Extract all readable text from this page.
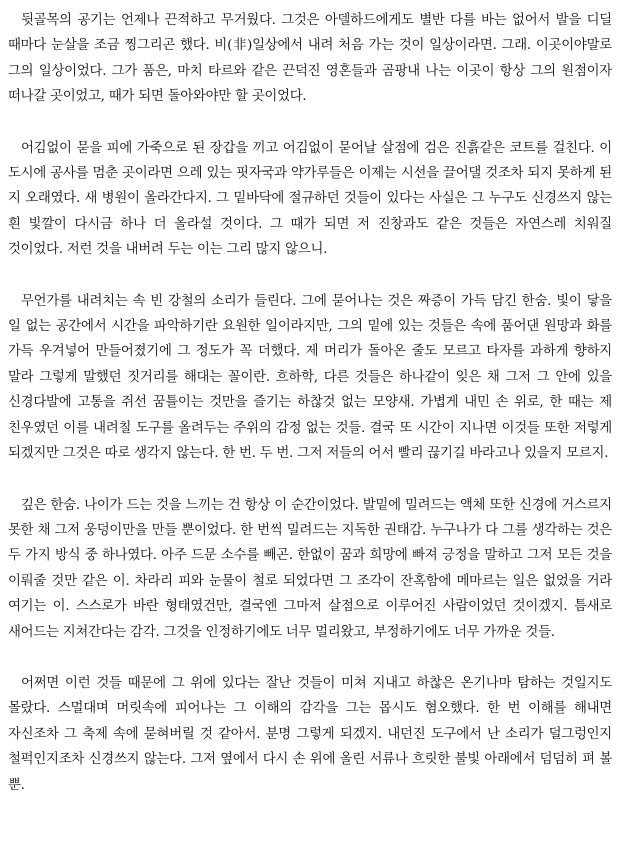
뒷골목의 공기는 언제나 끈적하고 무거웠다. 그것은 아델하드에게도 별반 다를 바는 없어서 발을 디딜 때마다 눈살을 조금 찡그리곤 했다. 비(非)일상에서 내려 처음 가는 것이 일상이라면. 그래. 이곳이야말로 그의 일상이었다. 그가 품은, 마치 타르와 같은 끈덕진 영혼들과 곰팡내 나는 이곳이 항상 그의 원점이자 떠나갈 곳이었고, 때가 되면 돌아와야만 할 곳이었다.

어김없이 묻을 피에 가죽으로 된 장갑을 끼고 어김없이 묻어날 살점에 검은 진흙같은 코트를 걸친다. 이 도시에 공사를 멈춘 곳이라면 으레 있는 핏자국과 약가루들은 이제는 시선을 끌어댈 것조차 되지 못하게 된 지 오래였다. 새 병원이 올라간다지. 그 밑바닥에 절규하던 것들이 있다는 사실은 그 누구도 신경쓰지 않는 흰 빛깔이 다시금 하나 더 올라설 것이다. 그 때가 되면 저 진창과도 같은 것들은 자연스레 치워질 것이었다. 저런 것을 내버려 두는 이는 그리 많지 않으니.

무언가를 내려치는 속 빈 강철의 소리가 들린다. 그에 묻어나는 것은 짜증이 가득 담긴 한숨. 빛이 닿을 일 없는 공간에서 시간을 파악하기란 요원한 일이라지만, 그의 밑에 있는 것들은 속에 품어댄 원망과 화를 가득 우겨넣어 만들어졌기에 그 정도가 꼭 더했다. 제 머리가 돌아온 줄도 모르고 타자를 과하게 향하지 말라 그렇게 말했던 짓거리를 해대는 꼴이란. 흐하학, 다른 것들은 하나같이 잊은 채 그저 그 안에 있을 신경다발에 고통을 쥐선 꿈틀이는 것만을 즐기는 하찮것 없는 모양새. 가볍게 내민 손 위로, 한 때는 제 친우였던 이를 내려칠 도구를 올려두는 주위의 감정 없는 것들. 결국 또 시간이 지나면 이것들 또한 저렇게 되겠지만 그것은 따로 생각지 않는다. 한 번. 두 번. 그저 저들의 어서 빨리 끊기길 바라고나 있을지 모르지.

깊은 한숨. 나이가 드는 것을 느끼는 건 항상 이 순간이었다. 발밑에 밀려드는 액체 또한 신경에 거스르지 못한 채 그저 웅덩이만을 만들 뿐이었다. 한 번씩 밀려드는 지독한 권태감. 누구나가 다 그를 생각하는 것은 두 가지 방식 중 하나였다. 아주 드문 소수를 빼곤. 한없이 꿈과 희망에 빠져 긍정을 말하고 그저 모든 것을 이뤄줄 것만 같은 이. 차라리 피와 눈물이 철로 되었다면 그 조각이 잔혹함에 메마르는 일은 없었을 거라 여기는 이. 스스로가 바란 형태였건만, 결국엔 그마저 살점으로 이루어진 사람이었던 것이겠지. 틈새로 새어드는 지쳐간다는 감각. 그것을 인정하기에도 너무 멀리왔고, 부정하기에도 너무 가까운 것들.

어쩌면 이런 것들 때문에 그 위에 있다는 잘난 것들이 미쳐 지내고 하찮은 온기나마 탐하는 것일지도 몰랐다. 스멀대며 머릿속에 피어나는 그 이해의 감각을 그는 몹시도 혐오했다. 한 번 이해를 해내면 자신조차 그 축제 속에 묻혀버릴 것 같아서. 분명 그렇게 되겠지. 내던진 도구에서 난 소리가 덜그렁인지 철퍽인지조차 신경쓰지 않는다. 그저 옆에서 다시 손 위에 올린 서류나 흐릿한 불빛 아래에서 덤덤히 펴 볼 뿐.
